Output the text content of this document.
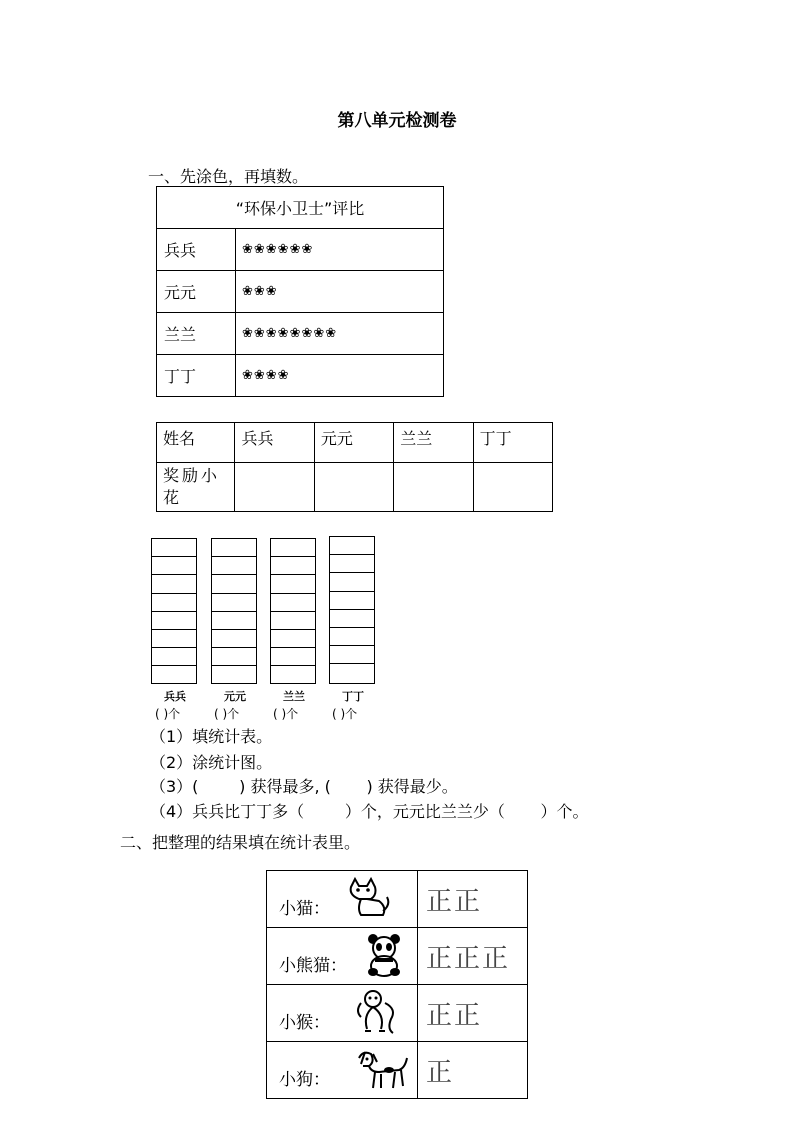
第八单元检测卷
一、先涂色，再填数。
“环保小卫士”评比	
兵兵	❀❀❀❀❀❀
元元	❀❀❀
兰兰	❀❀❀❀❀❀❀❀
丁丁	❀❀❀❀
姓名	兵兵	元元	兰兰	丁丁
奖励小花				
兵兵	元元	兰兰	丁丁
( )个	( )个	( )个	( )个
（1）填统计表。
（2）涂统计图。
（3）(        ) 获得最多, (       ) 获得最少。
（4）兵兵比丁丁多（        ）个，元元比兰兰少（       ）个。
二、把整理的结果填在统计表里。
小猫：	正正

小熊猫：	正正正

小猴：	正正

小狗：	正
